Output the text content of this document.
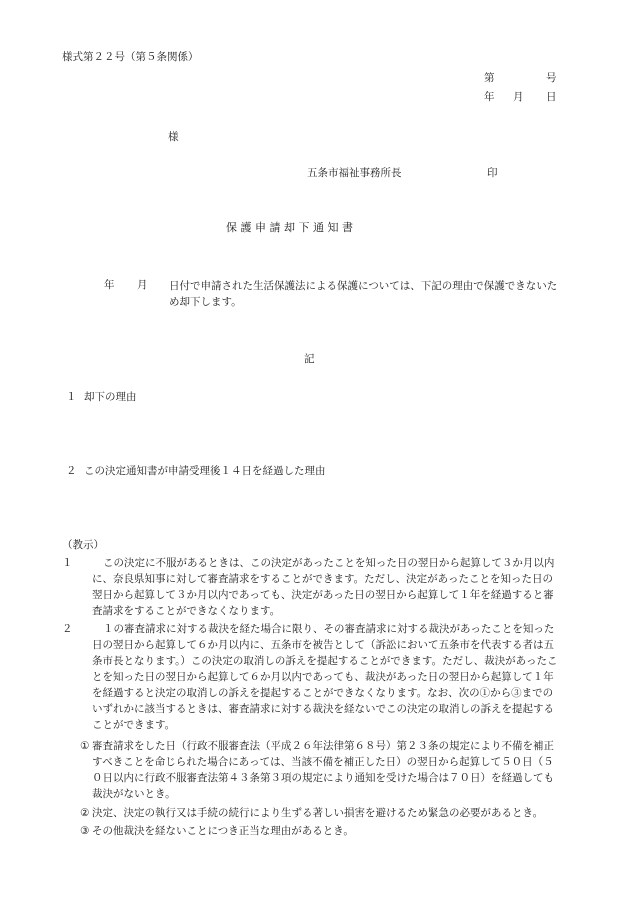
様式第２２号（第５条関係）
第	号
年 月 日
様
五条市福祉事務所長	印
保 護 申 請 却 下 通 知 書
年 月 日付で申請された生活保護法による保護については、下記の理由で保護できないため却下します。
記
１ 却下の理由
２ この決定通知書が申請受理後１４日を経過した理由
（教示）
１	この決定に不服があるときは、この決定があったことを知った日の翌日から起算して３か月以内に、奈良県知事に対して審査請求をすることができます。ただし、決定があったことを知った日の翌日から起算して３か月以内であっても、決定があった日の翌日から起算して１年を経過すると審査請求をすることができなくなります。
２	１の審査請求に対する裁決を経た場合に限り、その審査請求に対する裁決があったことを知った日の翌日から起算して６か月以内に、五条市を被告として（訴訟において五条市を代表する者は五条市長となります。）この決定の取消しの訴えを提起することができます。ただし、裁決があったことを知った日の翌日から起算して６か月以内であっても、裁決があった日の翌日から起算して１年を経過すると決定の取消しの訴えを提起することができなくなります。なお、次の①から③までのいずれかに該当するときは、審査請求に対する裁決を経ないでこの決定の取消しの訴えを提起することができます。
① 審査請求をした日（行政不服審査法（平成２６年法律第６８号）第２３条の規定により不備を補正すべきことを命じられた場合にあっては、当該不備を補正した日）の翌日から起算して５０日（５０日以内に行政不服審査法第４３条第３項の規定により通知を受けた場合は７０日）を経過しても裁決がないとき。
② 決定、決定の執行又は手続の続行により生ずる著しい損害を避けるため緊急の必要があるとき。
③ その他裁決を経ないことにつき正当な理由があるとき。
